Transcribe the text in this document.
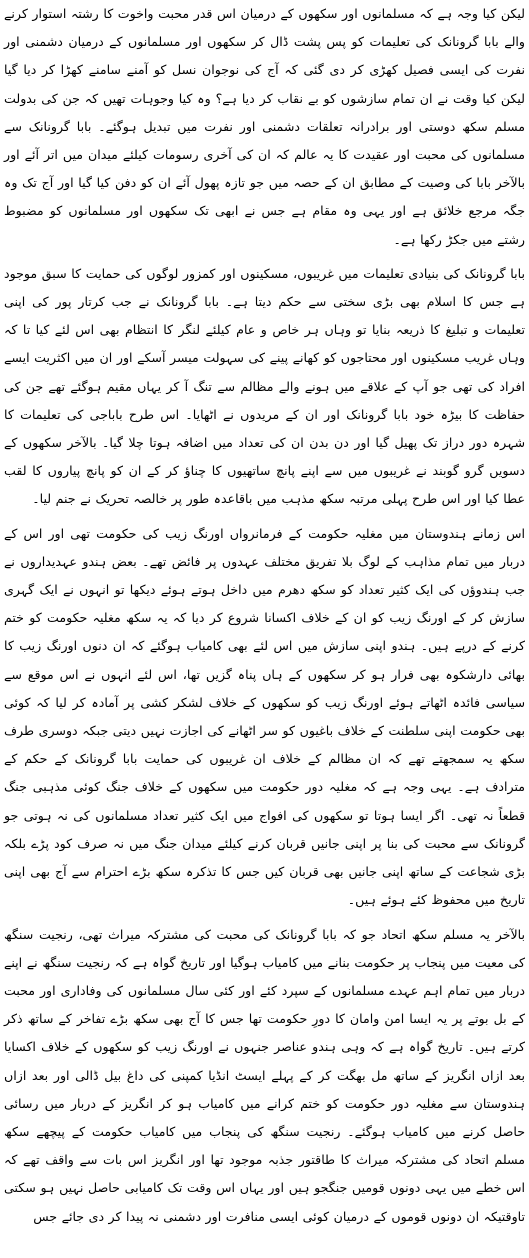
لیکن کیا وجہ ہے کہ مسلمانوں اور سکھوں کے درمیان اس قدر محبت واخوت کا رشتہ استوار کرنے والے بابا گرونانک کی تعلیمات کو پس پشت ڈال کر سکھوں اور مسلمانوں کے درمیان دشمنی اور نفرت کی ایسی فصیل کھڑی کر دی گئی کہ آج کی نوجوان نسل کو آمنے سامنے کھڑا کر دیا گیا لیکن کیا وقت نے ان تمام سازشوں کو بے نقاب کر دیا ہے؟ وہ کیا وجوہات تھیں کہ جن کی بدولت مسلم سکھ دوستی اور برادرانہ تعلقات دشمنی اور نفرت میں تبدیل ہوگئے۔ بابا گرونانک سے مسلمانوں کی محبت اور عقیدت کا یہ عالم کہ ان کی آخری رسومات کیلئے میدان میں اتر آئے اور بالآخر بابا کی وصیت کے مطابق ان کے حصہ میں جو تازہ پھول آئے ان کو دفن کیا گیا اور آج تک وہ جگہ مرجع خلائق ہے اور یہی وہ مقام ہے جس نے ابھی تک سکھوں اور مسلمانوں کو مضبوط رشتے میں جکڑ رکھا ہے۔

بابا گرونانک کی بنیادی تعلیمات میں غریبوں، مسکینوں اور کمزور لوگوں کی حمایت کا سبق موجود ہے جس کا اسلام بھی بڑی سختی سے حکم دیتا ہے۔ بابا گرونانک نے جب کرتار پور کی اپنی تعلیمات و تبلیغ کا ذریعہ بنایا تو وہاں ہر خاص و عام کیلئے لنگر کا انتظام بھی اس لئے کیا تا کہ وہاں غریب مسکینوں اور محتاجوں کو کھانے پینے کی سہولت میسر آسکے اور ان میں اکثریت ایسے افراد کی تھی جو آپ کے علاقے میں ہونے والے مظالم سے تنگ آ کر یہاں مقیم ہوگئے تھے جن کی حفاظت کا بیڑہ خود بابا گرونانک اور ان کے مریدوں نے اٹھایا۔ اس طرح باباجی کی تعلیمات کا شہرہ دور دراز تک پھیل گیا اور دن بدن ان کی تعداد میں اضافہ ہوتا چلا گیا۔ بالآخر سکھوں کے دسویں گرو گوبند نے غریبوں میں سے اپنے پانچ ساتھیوں کا چناؤ کر کے ان کو پانچ پیاروں کا لقب عطا کیا اور اس طرح پہلی مرتبہ سکھ مذہب میں باقاعدہ طور پر خالصہ تحریک نے جنم لیا۔

اس زمانے ہندوستان میں مغلیہ حکومت کے فرمانرواں اورنگ زیب کی حکومت تھی اور اس کے دربار میں تمام مذاہب کے لوگ بلا تفریق مختلف عہدوں پر فائض تھے۔ بعض ہندو عہدیداروں نے جب ہندوؤں کی ایک کثیر تعداد کو سکھ دھرم میں داخل ہوتے ہوئے دیکھا تو انہوں نے ایک گہری سازش کر کے اورنگ زیب کو ان کے خلاف اکسانا شروع کر دیا کہ یہ سکھ مغلیہ حکومت کو ختم کرنے کے درپے ہیں۔ ہندو اپنی سازش میں اس لئے بھی کامیاب ہوگئے کہ ان دنوں اورنگ زیب کا بھائی دارشکوہ بھی فرار ہو کر سکھوں کے ہاں پناہ گزیں تھا، اس لئے انہوں نے اس موقع سے سیاسی فائدہ اٹھاتے ہوئے اورنگ زیب کو سکھوں کے خلاف لشکر کشی پر آمادہ کر لیا کہ کوئی بھی حکومت اپنی سلطنت کے خلاف باغیوں کو سر اٹھانے کی اجازت نہیں دیتی جبکہ دوسری طرف سکھ یہ سمجھتے تھے کہ ان مظالم کے خلاف ان غریبوں کی حمایت بابا گرونانک کے حکم کے مترادف ہے۔ یہی وجہ ہے کہ مغلیہ دور حکومت میں سکھوں کے خلاف جنگ کوئی مذہبی جنگ قطعاً نہ تھی۔ اگر ایسا ہوتا تو سکھوں کی افواج میں ایک کثیر تعداد مسلمانوں کی نہ ہوتی جو گرونانک سے محبت کی بنا پر اپنی جانیں قربان کرنے کیلئے میدان جنگ میں نہ صرف کود پڑے بلکہ بڑی شجاعت کے ساتھ اپنی جانیں بھی قربان کیں جس کا تذکرہ سکھ بڑے احترام سے آج بھی اپنی تاریخ میں محفوظ کئے ہوئے ہیں۔

بالآخر یہ مسلم سکھ اتحاد جو کہ بابا گرونانک کی محبت کی مشترکہ میراث تھی، رنجیت سنگھ کی معیت میں پنجاب پر حکومت بنانے میں کامیاب ہوگیا اور تاریخ گواہ ہے کہ رنجیت سنگھ نے اپنے دربار میں تمام اہم عہدے مسلمانوں کے سپرد کئے اور کئی سال مسلمانوں کی وفاداری اور محبت کے بل بوتے پر یہ ایسا امن وامان کا دورِ حکومت تھا جس کا آج بھی سکھ بڑے تفاخر کے ساتھ ذکر کرتے ہیں۔ تاریخ گواہ ہے کہ وہی ہندو عناصر جنہوں نے اورنگ زیب کو سکھوں کے خلاف اکسایا بعد ازاں انگریز کے ساتھ مل بھگت کر کے پہلے ایسٹ انڈیا کمپنی کی داغ بیل ڈالی اور بعد ازاں ہندوستان سے مغلیہ دور حکومت کو ختم کرانے میں کامیاب ہو کر انگریز کے دربار میں رسائی حاصل کرنے میں کامیاب ہوگئے۔ رنجیت سنگھ کی پنجاب میں کامیاب حکومت کے پیچھے سکھ مسلم اتحاد کی مشترکہ میراث کا طاقتور جذبہ موجود تھا اور انگریز اس بات سے واقف تھے کہ اس خطے میں یہی دونوں قومیں جنگجو ہیں اور یہاں اس وقت تک کامیابی حاصل نہیں ہو سکتی تاوقتیکہ ان دونوں قوموں کے درمیان کوئی ایسی منافرت اور دشمنی نہ پیدا کر دی جائے جس
